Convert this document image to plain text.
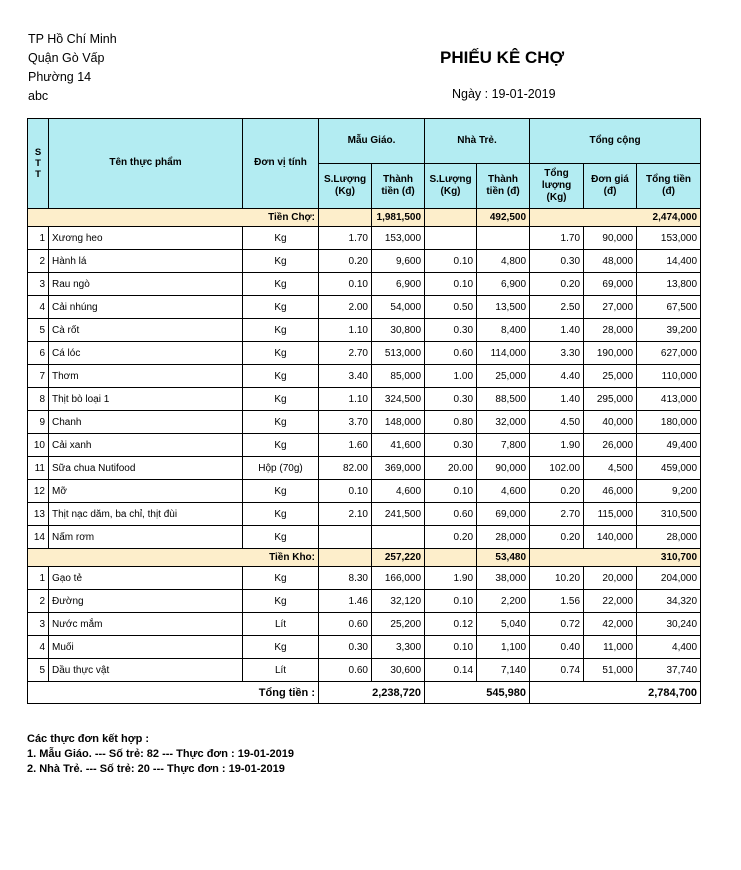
TP Hồ Chí Minh
Quận Gò Vấp
Phường 14
abc
PHIẾU KÊ CHỢ
Ngày : 19-01-2019
S
T
T	Tên thực phẩm	Đơn vị tính	Mẫu Giáo.		Nhà Trẻ.		Tổng cộng		
			S.Lượng (Kg)	Thành tiền (đ)	S.Lượng (Kg)	Thành tiền (đ)	Tổng lượng (Kg)	Đơn giá (đ)	Tổng tiền (đ)
Tiền Chợ:				1,981,500		492,500	2,474,000		
1	Xương heo	Kg	1.70	153,000			1.70	90,000	153,000
2	Hành lá	Kg	0.20	9,600	0.10	4,800	0.30	48,000	14,400
3	Rau ngò	Kg	0.10	6,900	0.10	6,900	0.20	69,000	13,800
4	Cải nhúng	Kg	2.00	54,000	0.50	13,500	2.50	27,000	67,500
5	Cà rốt	Kg	1.10	30,800	0.30	8,400	1.40	28,000	39,200
6	Cá lóc	Kg	2.70	513,000	0.60	114,000	3.30	190,000	627,000
7	Thơm	Kg	3.40	85,000	1.00	25,000	4.40	25,000	110,000
8	Thịt bò loại 1	Kg	1.10	324,500	0.30	88,500	1.40	295,000	413,000
9	Chanh	Kg	3.70	148,000	0.80	32,000	4.50	40,000	180,000
10	Cải xanh	Kg	1.60	41,600	0.30	7,800	1.90	26,000	49,400
11	Sữa chua Nutifood	Hộp (70g)	82.00	369,000	20.00	90,000	102.00	4,500	459,000
12	Mỡ	Kg	0.10	4,600	0.10	4,600	0.20	46,000	9,200
13	Thịt nạc dăm, ba chỉ, thịt đùi	Kg	2.10	241,500	0.60	69,000	2.70	115,000	310,500
14	Nấm rơm	Kg			0.20	28,000	0.20	140,000	28,000
Tiền Kho:				257,220		53,480	310,700		
1	Gạo tẻ	Kg	8.30	166,000	1.90	38,000	10.20	20,000	204,000
2	Đường	Kg	1.46	32,120	0.10	2,200	1.56	22,000	34,320
3	Nước mắm	Lít	0.60	25,200	0.12	5,040	0.72	42,000	30,240
4	Muối	Kg	0.30	3,300	0.10	1,100	0.40	11,000	4,400
5	Dầu thực vật	Lít	0.60	30,600	0.14	7,140	0.74	51,000	37,740
Tổng tiền :			2,238,720		545,980		2,784,700		
Các thực đơn kết hợp :
1. Mẫu Giáo. --- Số trẻ: 82 --- Thực đơn : 19-01-2019
2. Nhà Trẻ. --- Số trẻ: 20 --- Thực đơn : 19-01-2019
